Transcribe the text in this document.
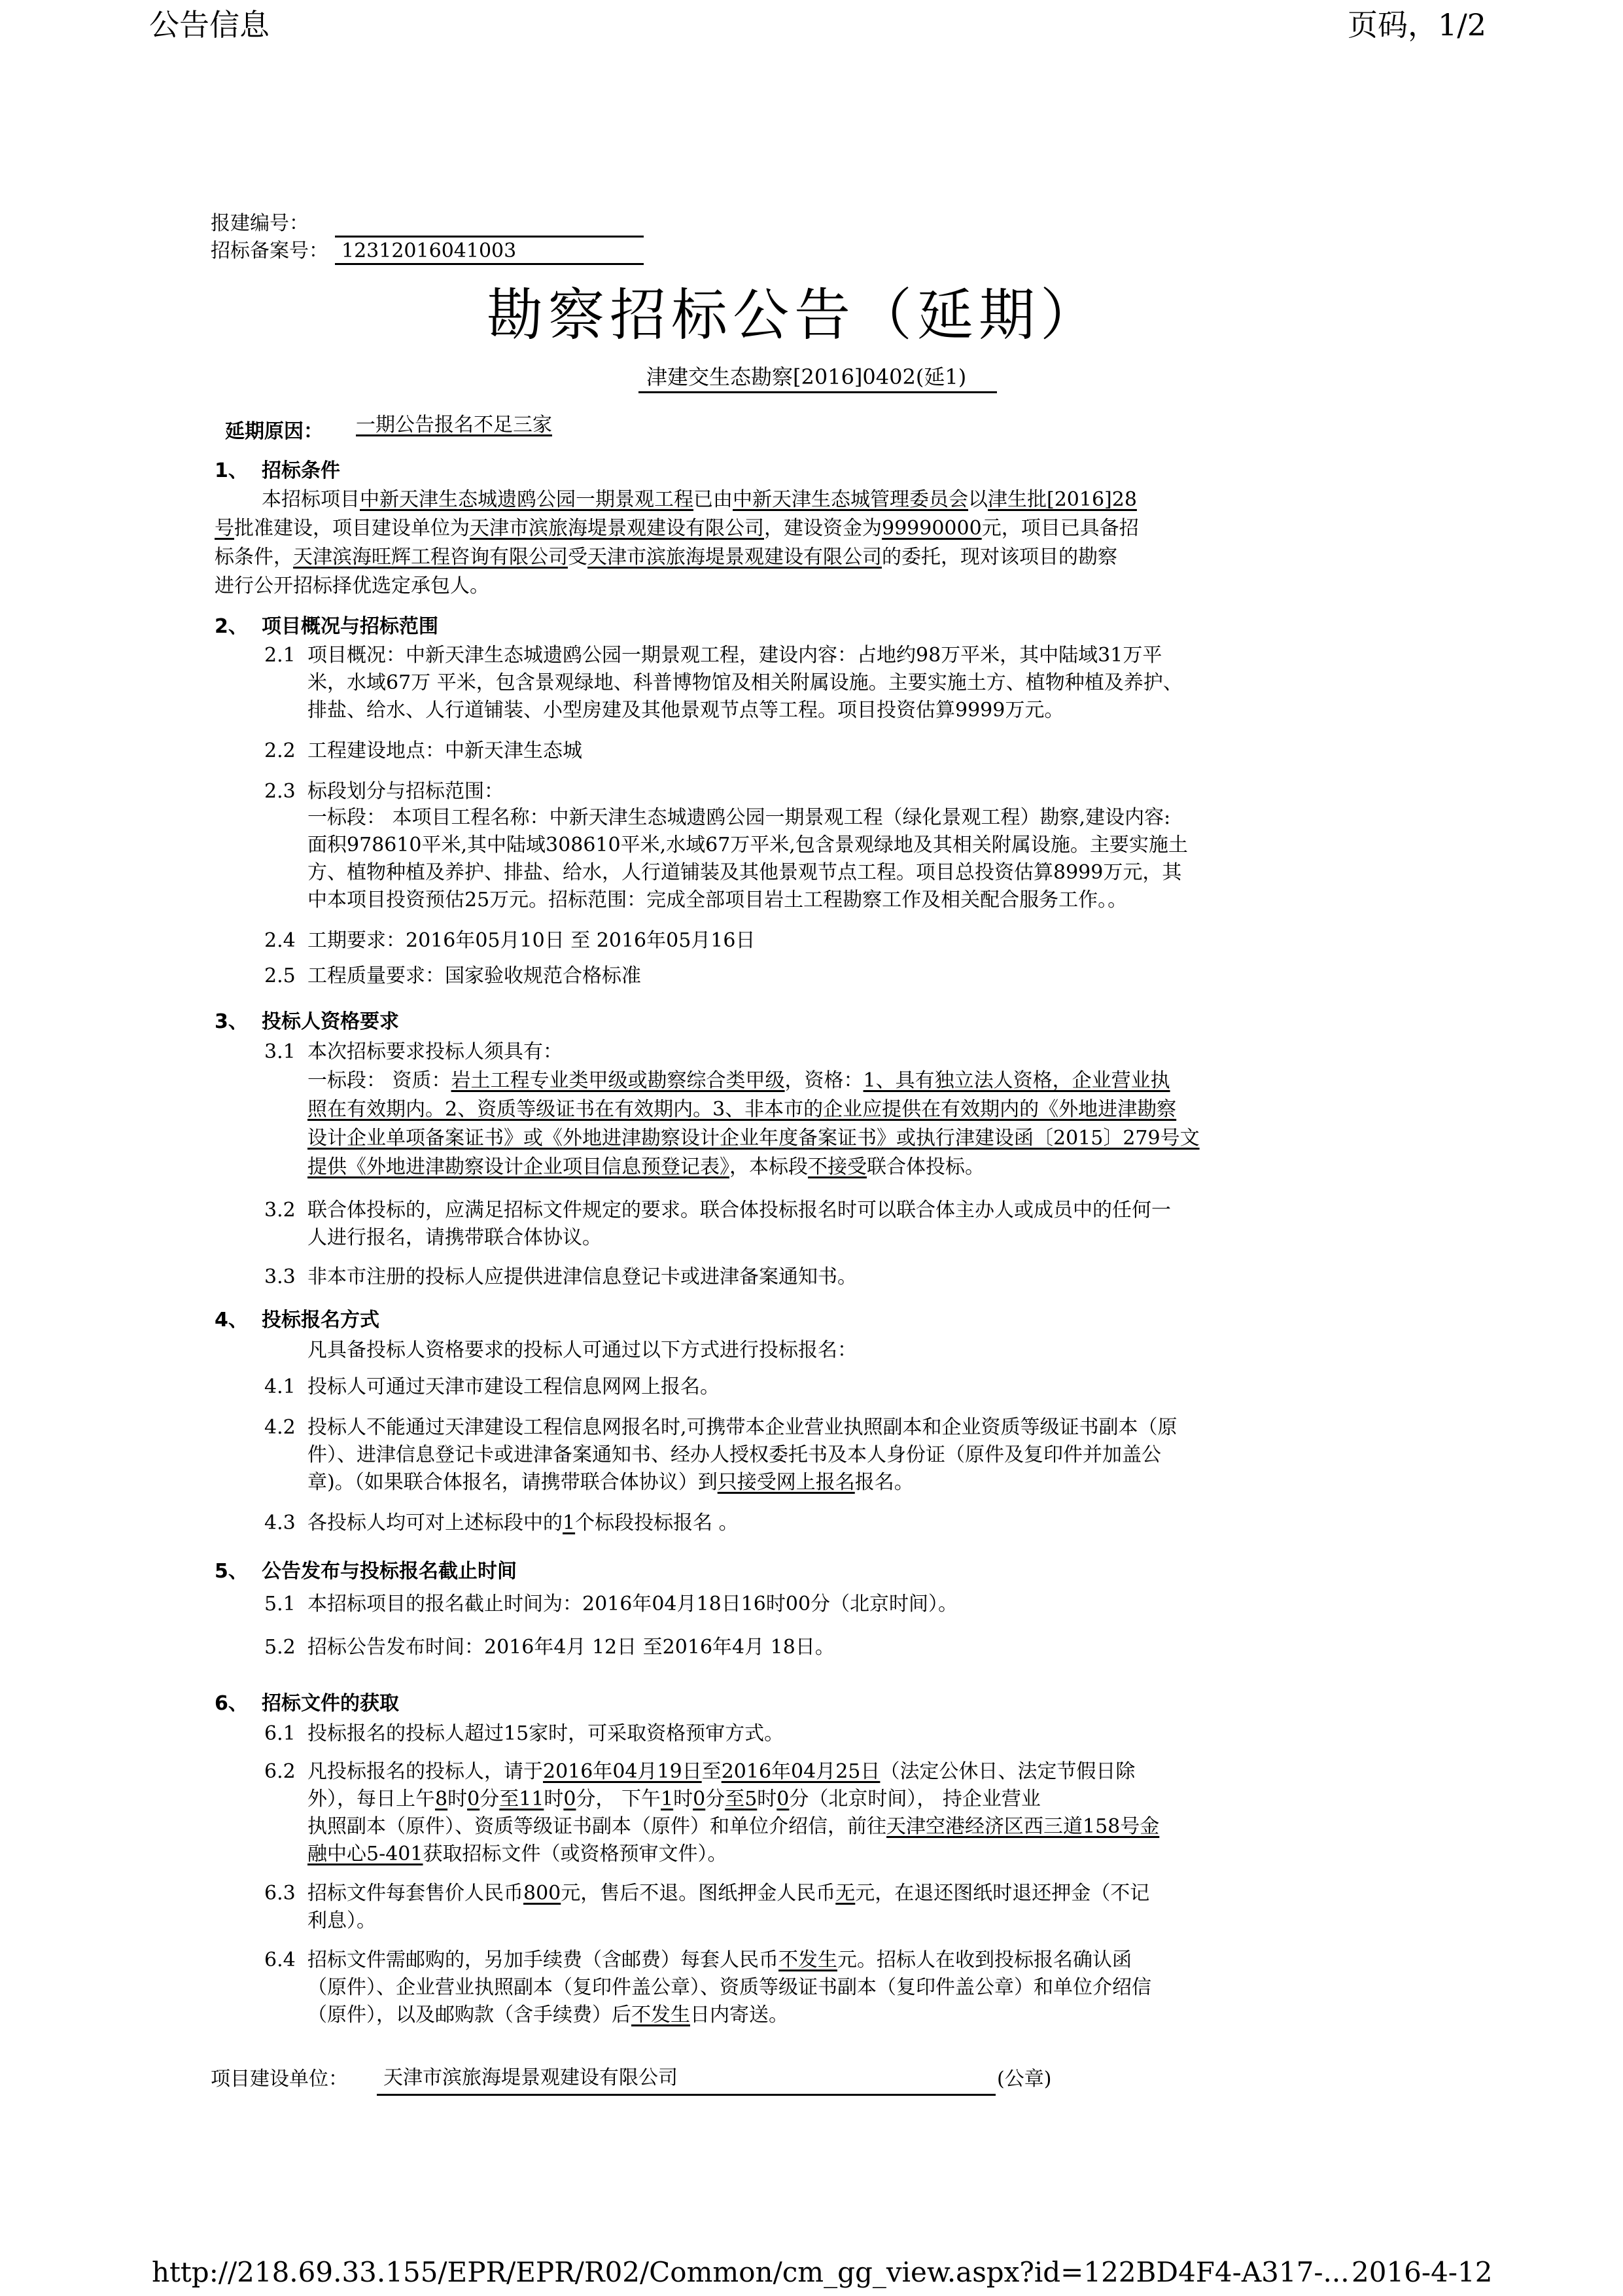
公告信息	页码，1/2
报建编号：
招标备案号： 12312016041003
勘察招标公告（延期）
津建交生态勘察[2016]0402(延1)
延期原因： 一期公告报名不足三家
1、 招标条件
本招标项目中新天津生态城遗鸥公园一期景观工程已由中新天津生态城管理委员会以津生批[2016]28
号批准建设，项目建设单位为天津市滨旅海堤景观建设有限公司，建设资金为99990000元，项目已具备招
标条件，天津滨海旺辉工程咨询有限公司受天津市滨旅海堤景观建设有限公司的委托，现对该项目的勘察
进行公开招标择优选定承包人。
2、 项目概况与招标范围
2.1 项目概况：中新天津生态城遗鸥公园一期景观工程，建设内容：占地约98万平米，其中陆域31万平
米，水域67万 平米，包含景观绿地、科普博物馆及相关附属设施。主要实施土方、植物种植及养护、
排盐、给水、人行道铺装、小型房建及其他景观节点等工程。项目投资估算9999万元。
2.2 工程建设地点：中新天津生态城
2.3 标段划分与招标范围：
一标段： 本项目工程名称：中新天津生态城遗鸥公园一期景观工程（绿化景观工程）勘察,建设内容:
面积978610平米,其中陆域308610平米,水域67万平米,包含景观绿地及其相关附属设施。主要实施土
方、植物种植及养护、排盐、给水，人行道铺装及其他景观节点工程。项目总投资估算8999万元，其
中本项目投资预估25万元。招标范围：完成全部项目岩土工程勘察工作及相关配合服务工作。。
2.4 工期要求：2016年05月10日 至 2016年05月16日
2.5 工程质量要求：国家验收规范合格标准
3、 投标人资格要求
3.1 本次招标要求投标人须具有：
一标段： 资质：岩土工程专业类甲级或勘察综合类甲级，资格：1、具有独立法人资格，企业营业执
照在有效期内。2、资质等级证书在有效期内。3、非本市的企业应提供在有效期内的《外地进津勘察
设计企业单项备案证书》或《外地进津勘察设计企业年度备案证书》或执行津建设函〔2015〕279号文
提供《外地进津勘察设计企业项目信息预登记表》，本标段不接受联合体投标。
3.2 联合体投标的，应满足招标文件规定的要求。联合体投标报名时可以联合体主办人或成员中的任何一
人进行报名，请携带联合体协议。
3.3 非本市注册的投标人应提供进津信息登记卡或进津备案通知书。
4、 投标报名方式
凡具备投标人资格要求的投标人可通过以下方式进行投标报名：
4.1 投标人可通过天津市建设工程信息网网上报名。
4.2 投标人不能通过天津建设工程信息网报名时,可携带本企业营业执照副本和企业资质等级证书副本（原
件）、进津信息登记卡或进津备案通知书、经办人授权委托书及本人身份证（原件及复印件并加盖公
章)。（如果联合体报名，请携带联合体协议）到只接受网上报名报名。
4.3 各投标人均可对上述标段中的1个标段投标报名 。
5、 公告发布与投标报名截止时间
5.1 本招标项目的报名截止时间为：2016年04月18日16时00分（北京时间）。
5.2 招标公告发布时间：2016年4月 12日 至2016年4月 18日。
6、 招标文件的获取
6.1 投标报名的投标人超过15家时，可采取资格预审方式。
6.2 凡投标报名的投标人，请于2016年04月19日至2016年04月25日（法定公休日、法定节假日除
外），每日上午8时0分至11时0分， 下午1时0分至5时0分（北京时间）， 持企业营业
执照副本（原件）、资质等级证书副本（原件）和单位介绍信，前往天津空港经济区西三道158号金
融中心5-401获取招标文件（或资格预审文件）。
6.3 招标文件每套售价人民币800元，售后不退。图纸押金人民币无元，在退还图纸时退还押金（不记
利息）。
6.4 招标文件需邮购的，另加手续费（含邮费）每套人民币不发生元。招标人在收到投标报名确认函
（原件）、企业营业执照副本（复印件盖公章）、资质等级证书副本（复印件盖公章）和单位介绍信
（原件），以及邮购款（含手续费）后不发生日内寄送。
项目建设单位： 天津市滨旅海堤景观建设有限公司	(公章)
http://218.69.33.155/EPR/EPR/R02/Common/cm_gg_view.aspx?id=122BD4F4-A317-... 2016-4-12
